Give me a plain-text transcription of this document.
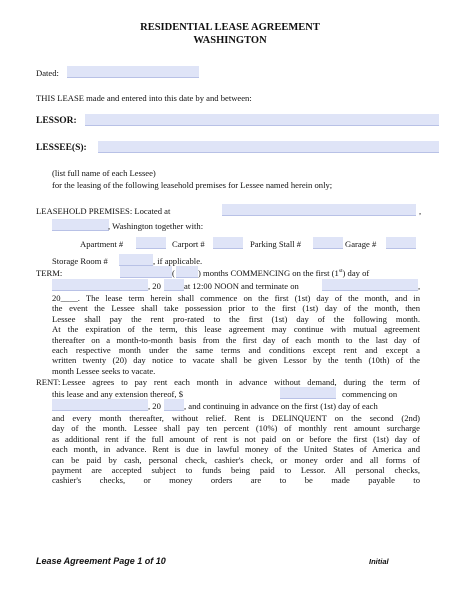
RESIDENTIAL LEASE AGREEMENT
WASHINGTON
Dated:
THIS LEASE made and entered into this date by and between:
LESSOR:
LESSEE(S):
(list full name of each Lessee)
for the leasing of the following leasehold premises for Lessee named herein only;
LEASEHOLD PREMISES: Located at	,
, Washington together with:
Apartment #	Carport #	Parking Stall #	Garage #
Storage Room #	, if applicable.
TERM:	(	) months COMMENCING on the first (1st) day of
, 20	at 12:00 NOON and terminate on	,
20____. The lease term herein shall commence on the first (1st) day of the month, and in
the event the Lessee shall take possession prior to the first (1st) day of the month, then
Lessee shall pay the rent pro-rated to the first (1st) day of the following month.
At the expiration of the term, this lease agreement may continue with mutual agreement
thereafter on a month-to-month basis from the first day of each month to the last day of
each respective month under the same terms and conditions except rent and except a
written twenty (20) day notice to vacate shall be given Lessor by the tenth (10th) of the
month Lessee seeks to vacate.
RENT: Lessee agrees to pay rent each month in advance without demand, during the term of
this lease and any extension thereof, $	commencing on
, 20	, and continuing in advance on the first (1st) day of each
and every month thereafter, without relief. Rent is DELINQUENT on the second (2nd)
day of the month. Lessee shall pay ten percent (10%) of monthly rent amount surcharge
as additional rent if the full amount of rent is not paid on or before the first (1st) day of
each month, in advance. Rent is due in lawful money of the United States of America and
can be paid by cash, personal check, cashier's check, or money order and all forms of
payment are accepted subject to funds being paid to Lessor. All personal checks,
cashier's checks, or money orders are to be made payable to
Lease Agreement Page 1 of 10	Initial
